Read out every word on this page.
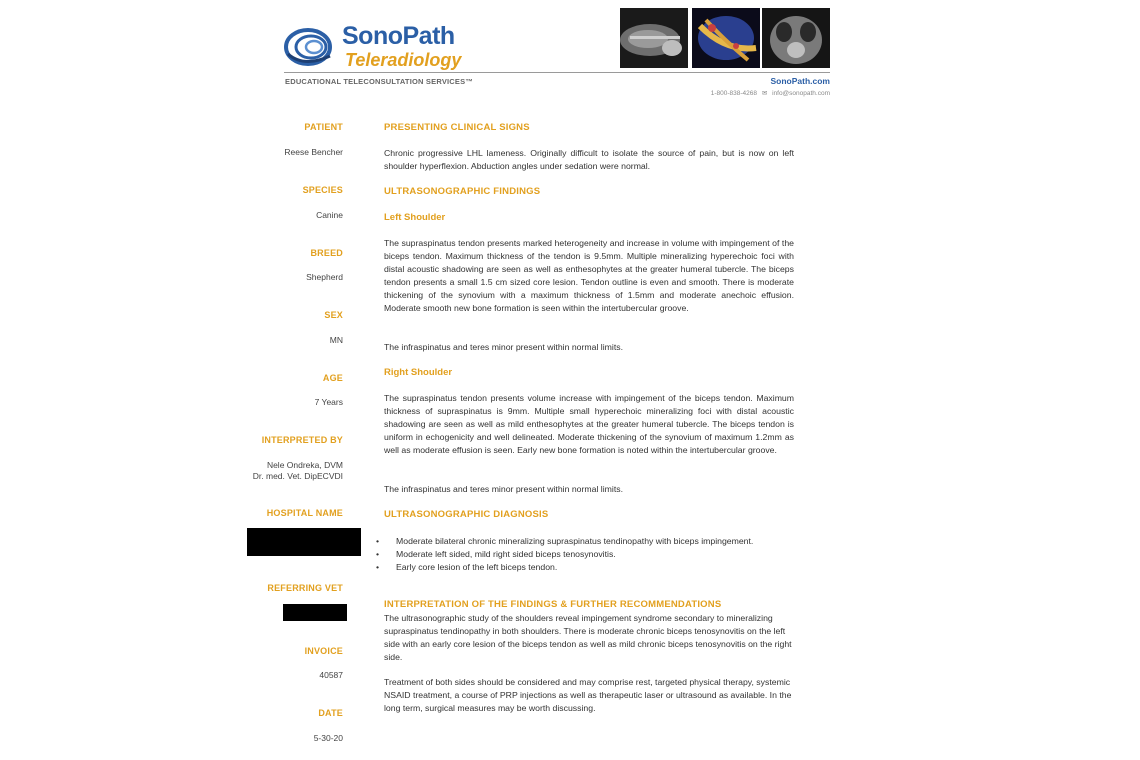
SonoPath
Teleradiology
EDUCATIONAL TELECONSULTATION SERVICES™	SonoPath.com
1-800-838-4268 ✉ info@sonopath.com
PATIENT
Reese Bencher
SPECIES
Canine
BREED
Shepherd
SEX
MN
AGE
7 Years
INTERPRETED BY
Nele Ondreka, DVM
Dr. med. Vet. DipECVDI
HOSPITAL NAME
REFERRING VET
INVOICE
40587
DATE
5-30-20
PRESENTING CLINICAL SIGNS
Chronic progressive LHL lameness. Originally difficult to isolate the source of pain, but is now on left shoulder hyperflexion. Abduction angles under sedation were normal.
ULTRASONOGRAPHIC FINDINGS
Left Shoulder
The supraspinatus tendon presents marked heterogeneity and increase in volume with impingement of the biceps tendon. Maximum thickness of the tendon is 9.5mm. Multiple mineralizing hyperechoic foci with distal acoustic shadowing are seen as well as enthesophytes at the greater humeral tubercle. The biceps tendon presents a small 1.5 cm sized core lesion. Tendon outline is even and smooth. There is moderate thickening of the synovium with a maximum thickness of 1.5mm and moderate anechoic effusion. Moderate smooth new bone formation is seen within the intertubercular groove.
The infraspinatus and teres minor present within normal limits.
Right Shoulder
The supraspinatus tendon presents volume increase with impingement of the biceps tendon. Maximum thickness of supraspinatus is 9mm. Multiple small hyperechoic mineralizing foci with distal acoustic shadowing are seen as well as mild enthesophytes at the greater humeral tubercle. The biceps tendon is uniform in echogenicity and well delineated. Moderate thickening of the synovium of maximum 1.2mm as well as moderate effusion is seen. Early new bone formation is noted within the intertubercular groove.
The infraspinatus and teres minor present within normal limits.
ULTRASONOGRAPHIC DIAGNOSIS
• Moderate bilateral chronic mineralizing supraspinatus tendinopathy with biceps impingement.
• Moderate left sided, mild right sided biceps tenosynovitis.
• Early core lesion of the left biceps tendon.
INTERPRETATION OF THE FINDINGS & FURTHER RECOMMENDATIONS
The ultrasonographic study of the shoulders reveal impingement syndrome secondary to mineralizing supraspinatus tendinopathy in both shoulders. There is moderate chronic biceps tenosynovitis on the left side with an early core lesion of the biceps tendon as well as mild chronic biceps tenosynovitis on the right side.
Treatment of both sides should be considered and may comprise rest, targeted physical therapy, systemic NSAID treatment, a course of PRP injections as well as therapeutic laser or ultrasound as available. In the long term, surgical measures may be worth discussing.
